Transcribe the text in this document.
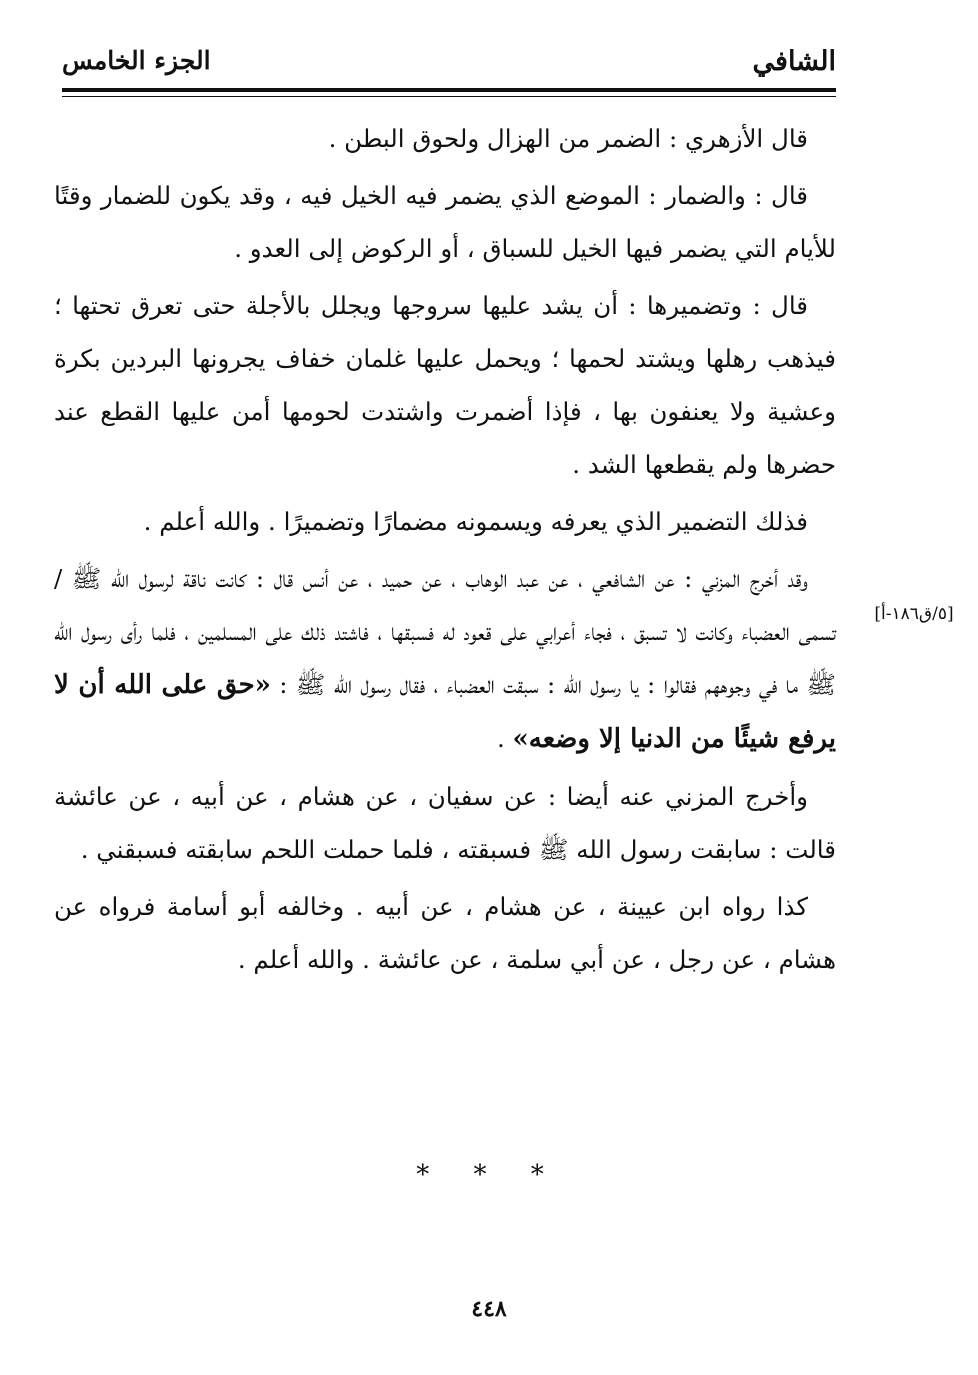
الشافي
الجزء الخامس

قال الأزهري : الضمر من الهزال ولحوق البطن .

قال : والضمار : الموضع الذي يضمر فيه الخيل فيه ، وقد يكون للضمار وقتًا للأيام التي يضمر فيها الخيل للسباق ، أو الركوض إلى العدو .

قال : وتضميرها : أن يشد عليها سروجها ويجلل بالأجلة حتى تعرق تحتها ؛ فيذهب رهلها ويشتد لحمها ؛ ويحمل عليها غلمان خفاف يجرونها البردين بكرة وعشية ولا يعنفون بها ، فإذا أضمرت واشتدت لحومها أمن عليها القطع عند حضرها ولم يقطعها الشد .

فذلك التضمير الذي يعرفه ويسمونه مضمارًا وتضميرًا . والله أعلم .

وقد أخرج المزني : عن الشافعي ، عن عبد الوهاب ، عن حميد ، عن أنس قال : كانت ناقة لرسول الله ﷺ / تسمى العضباء وكانت لا تسبق ، فجاء أعرابي على قعود له فسبقها ، فاشتد ذلك على المسلمين ، فلما رأى رسول الله ﷺ ما في وجوههم فقالوا : يا رسول الله : سبقت العضباء ، فقال رسول الله ﷺ : «حق على الله أن لا يرفع شيئًا من الدنيا إلا وضعه» .

وأخرج المزني عنه أيضا : عن سفيان ، عن هشام ، عن أبيه ، عن عائشة قالت : سابقت رسول الله ﷺ فسبقته ، فلما حملت اللحم سابقته فسبقني .

كذا رواه ابن عيينة ، عن هشام ، عن أبيه . وخالفه أبو أسامة فرواه عن هشام ، عن رجل ، عن أبي سلمة ، عن عائشة . والله أعلم .

[٥/ق١٨٦-أ]
* * *
٤٤٨
